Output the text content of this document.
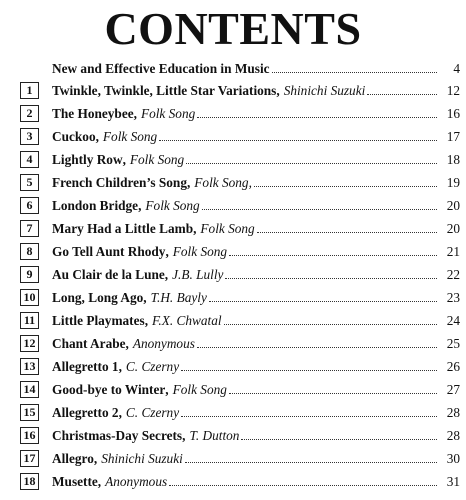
CONTENTS
New and Effective Education in Music	4
1	Twinkle, Twinkle, Little Star Variations , Shinichi Suzuki	12
2	The Honeybee , Folk Song	16
3	Cuckoo , Folk Song	17
4	Lightly Row , Folk Song	18
5	French Children’s Song , Folk Song,	19
6	London Bridge , Folk Song	20
7	Mary Had a Little Lamb , Folk Song	20
8	Go Tell Aunt Rhody , Folk Song	21
9	Au Clair de la Lune , J.B. Lully	22
10 Long, Long Ago , T.H. Bayly	23
11 Little Playmates , F.X. Chwatal	24
12 Chant Arabe , Anonymous	25
13 Allegretto 1 , C. Czerny	26
14 Good-bye to Winter , Folk Song	27
15 Allegretto 2 , C. Czerny	28
16 Christmas-Day Secrets , T. Dutton	28
17 Allegro , Shinichi Suzuki	30
18 Musette , Anonymous	31
